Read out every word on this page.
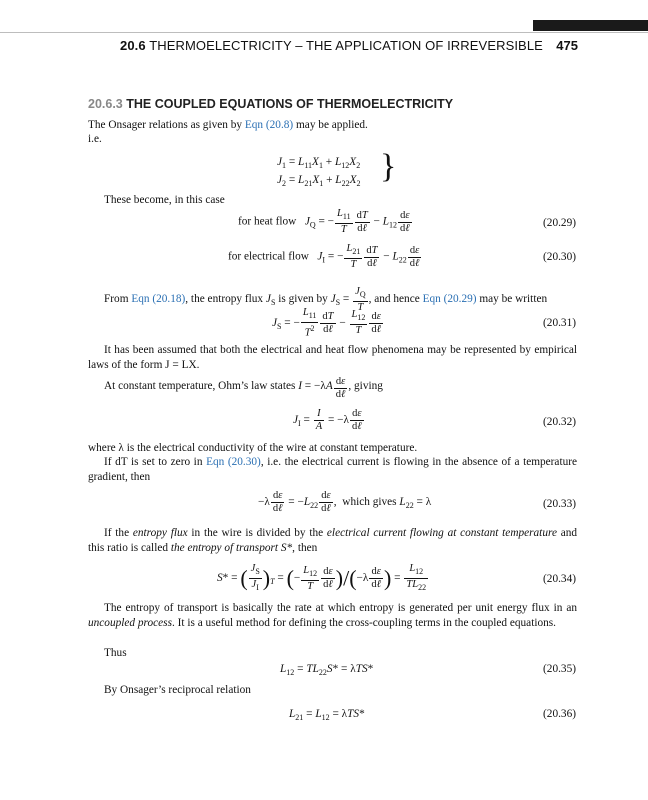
20.6 THERMOELECTRICITY – THE APPLICATION OF IRREVERSIBLE	475
20.6.3 THE COUPLED EQUATIONS OF THERMOELECTRICITY
The Onsager relations as given by Eqn (20.8) may be applied.
i.e.
$J_1 = L_{11}X_1 + L_{12}X_2$
$J_2 = L_{21}X_1 + L_{22}X_2$ }
These become, in this case
for heat flow $J_Q$ = − $\frac{L_{11}}{T} \frac{dT}{\text{dℓ}} - L_{12} \frac{d\varepsilon}{\text{dℓ}}$	(20.29)
for electrical flow $J_I$ = − $\frac{L_{21}}{T} \frac{dT}{\text{dℓ}} - L_{22} \frac{d\varepsilon}{\text{dℓ}}$	(20.30)
From Eqn (20.18), the entropy flux $J_S$ is given by $J_S = \frac{J_Q}{T}$ , and hence Eqn (20.29) may be written
$J_S$ = − $\frac{L_{11}}{T^2} \frac{dT}{\text{dℓ}} - \frac{L_{12}}{T} \frac{d\varepsilon}{\text{dℓ}}$	(20.31)
It has been assumed that both the electrical and heat flow phenomena may be represented by empirical laws of the form J = LX.
At constant temperature, Ohm’s law states $I = -\lambda A \frac{d\varepsilon}{\text{dℓ}}$ , giving
$J_I = \frac{I}{A} = -\lambda \frac{d\varepsilon}{\text{dℓ}}$	(20.32)
where λ is the electrical conductivity of the wire at constant temperature.
If dT is set to zero in Eqn (20.30), i.e. the electrical current is flowing in the absence of a temperature gradient, then
$-\lambda \frac{d\varepsilon}{\text{dℓ}} = -L_{22} \frac{d\varepsilon}{\text{dℓ}}$ ,  which gives $L_{22} = \lambda$	(20.33)
If the entropy flux in the wire is divided by the electrical current flowing at constant temperature and this ratio is called the entropy of transport S*, then
S* = ( $\frac{J_S}{J_I} )_T$ = (− $\frac{L_{12}}{T} \frac{d\varepsilon}{\text{dℓ}} )/(-\lambda \frac{d\varepsilon}{\text{dℓ}}$ ) = $\frac{L_{12}}{TL_{22}}$	(20.34)
The entropy of transport is basically the rate at which entropy is generated per unit energy flux in an uncoupled process. It is a useful method for defining the cross-coupling terms in the coupled equations.
Thus
$L_{12} = TL_{22}S* = \lambda TS*$	(20.35)
By Onsager’s reciprocal relation
$L_{21} = L_{12} = \lambda TS*$	(20.36)
